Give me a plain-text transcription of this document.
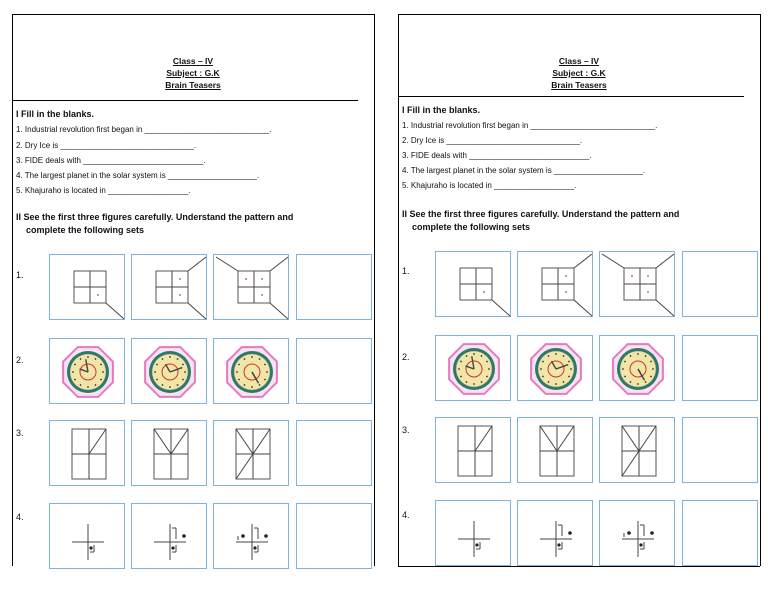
Class – IV
Subject : G.K
Brain Teasers
I Fill in the blanks.
1. Industrial revolution first began in ____________________________.
2. Dry Ice is ______________________________.
3. FIDE deals with ___________________________.
4. The largest planet in the solar system is ____________________.
5. Khajuraho is located in __________________.
II See the first three figures carefully. Understand the pattern and
complete the following sets
1.
2.
3.
4.
Class – IV
Subject : G.K
Brain Teasers
I Fill in the blanks.
1. Industrial revolution first began in ____________________________.
2. Dry Ice is ______________________________.
3. FIDE deals with ___________________________.
4. The largest planet in the solar system is ____________________.
5. Khajuraho is located in __________________.
II See the first three figures carefully. Understand the pattern and
complete the following sets
1.
2.
3.
4.
